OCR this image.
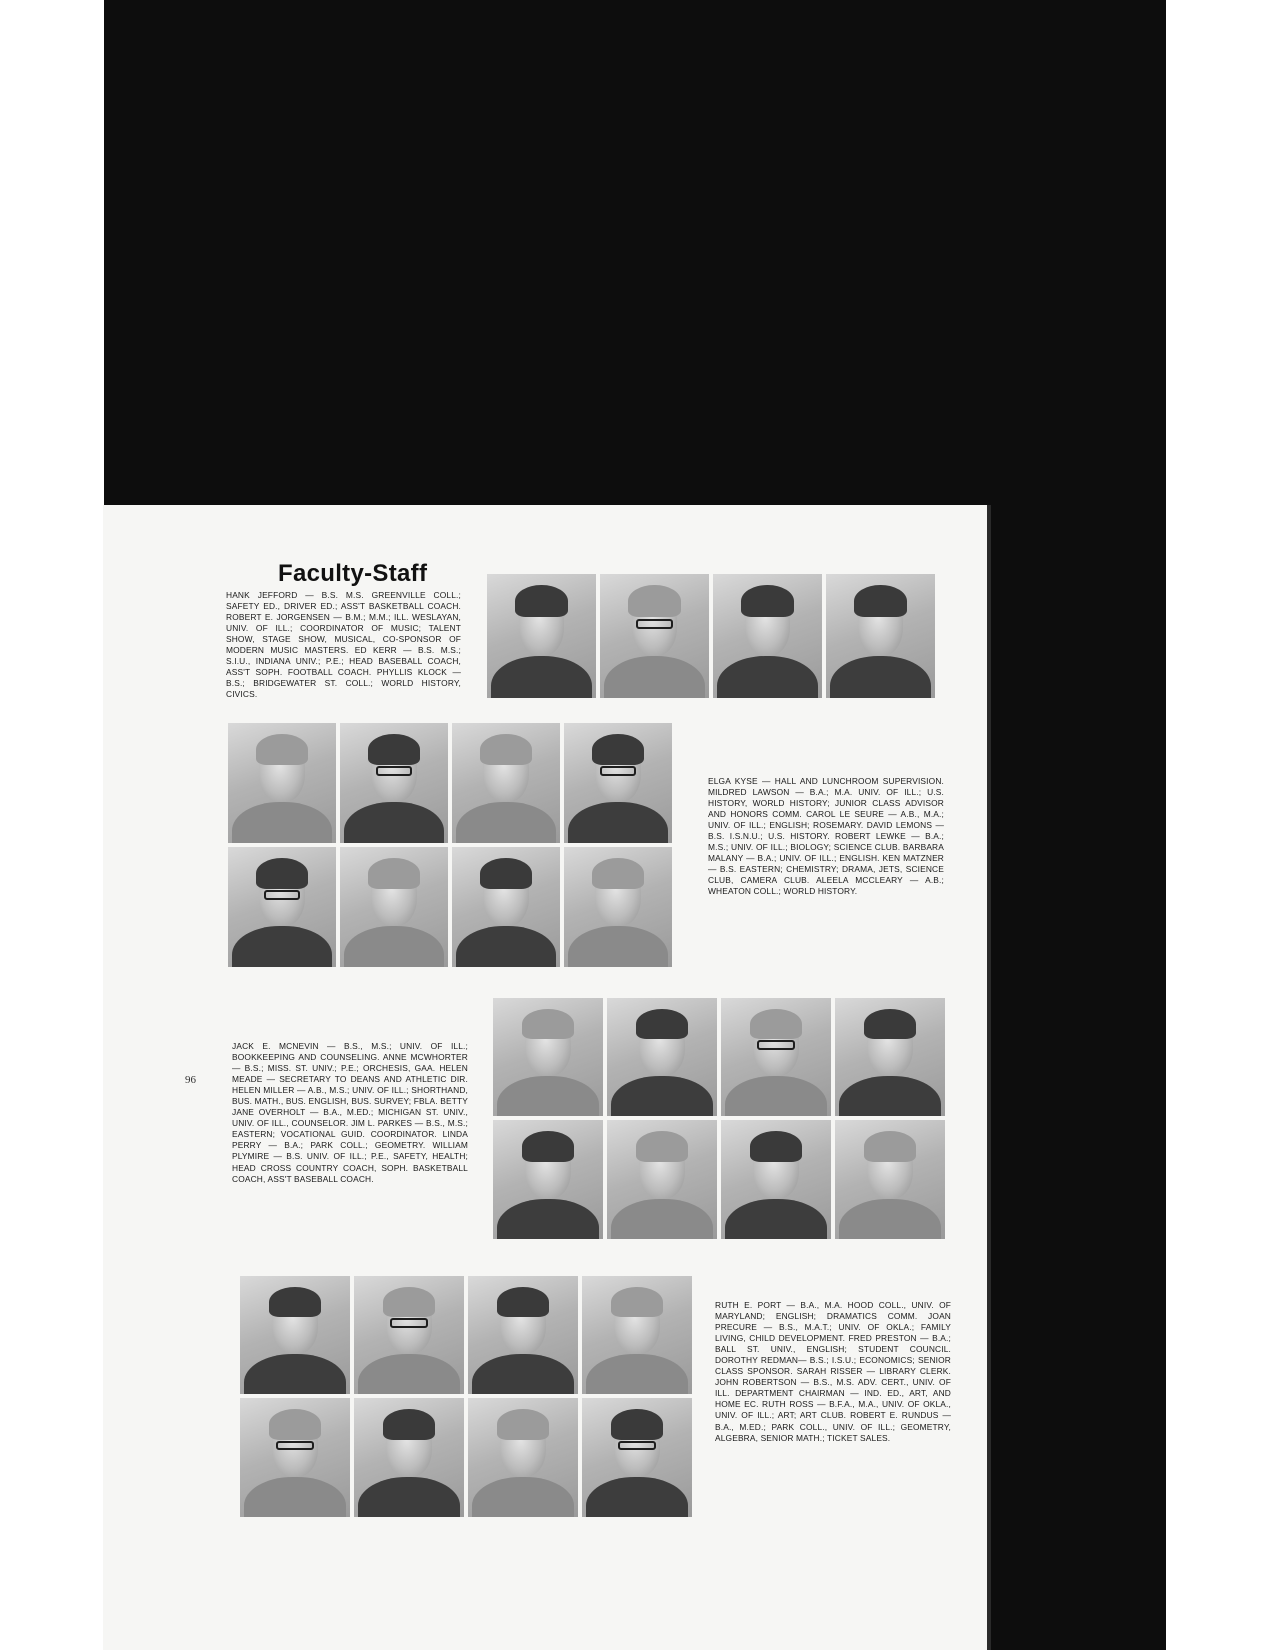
Faculty-Staff

HANK JEFFORD — B.S. M.S. GREENVILLE COLL.; SAFETY ED., DRIVER ED.; ASS'T BASKETBALL COACH. ROBERT E. JORGENSEN — B.M.; M.M.; ILL. WESLAYAN, UNIV. OF ILL.; COORDINATOR OF MUSIC; TALENT SHOW, STAGE SHOW, MUSICAL, CO-SPONSOR OF MODERN MUSIC MASTERS. ED KERR — B.S. M.S.; S.I.U., INDIANA UNIV.; P.E.; HEAD BASEBALL COACH, ASS'T SOPH. FOOTBALL COACH. PHYLLIS KLOCK — B.S.; BRIDGEWATER ST. COLL.; WORLD HISTORY, CIVICS.

ELGA KYSE — HALL AND LUNCHROOM SUPERVISION. MILDRED LAWSON — B.A.; M.A. UNIV. OF ILL.; U.S. HISTORY, WORLD HISTORY; JUNIOR CLASS ADVISOR AND HONORS COMM. CAROL LE SEURE — A.B., M.A.; UNIV. OF ILL.; ENGLISH; ROSEMARY. DAVID LEMONS — B.S. I.S.N.U.; U.S. HISTORY. ROBERT LEWKE — B.A.; M.S.; UNIV. OF ILL.; BIOLOGY; SCIENCE CLUB. BARBARA MALANY — B.A.; UNIV. OF ILL.; ENGLISH. KEN MATZNER — B.S. EASTERN; CHEMISTRY; DRAMA, JETS, SCIENCE CLUB, CAMERA CLUB. ALEELA MCCLEARY — A.B.; WHEATON COLL.; WORLD HISTORY.

JACK E. MCNEVIN — B.S., M.S.; UNIV. OF ILL.; BOOKKEEPING AND COUNSELING. ANNE MCWHORTER — B.S.; MISS. ST. UNIV.; P.E.; ORCHESIS, GAA. HELEN MEADE — SECRETARY TO DEANS AND ATHLETIC DIR. HELEN MILLER — A.B., M.S.; UNIV. OF ILL.; SHORTHAND, BUS. MATH., BUS. ENGLISH, BUS. SURVEY; FBLA. BETTY JANE OVERHOLT — B.A., M.ED.; MICHIGAN ST. UNIV., UNIV. OF ILL., COUNSELOR. JIM L. PARKES — B.S., M.S.; EASTERN; VOCATIONAL GUID. COORDINATOR. LINDA PERRY — B.A.; PARK COLL.; GEOMETRY. WILLIAM PLYMIRE — B.S. UNIV. OF ILL.; P.E., SAFETY, HEALTH; HEAD CROSS COUNTRY COACH, SOPH. BASKETBALL COACH, ASS'T BASEBALL COACH.

96

RUTH E. PORT — B.A., M.A. HOOD COLL., UNIV. OF MARYLAND; ENGLISH; DRAMATICS COMM. JOAN PRECURE — B.S., M.A.T.; UNIV. OF OKLA.; FAMILY LIVING, CHILD DEVELOPMENT. FRED PRESTON — B.A.; BALL ST. UNIV., ENGLISH; STUDENT COUNCIL. DOROTHY REDMAN— B.S.; I.S.U.; ECONOMICS; SENIOR CLASS SPONSOR. SARAH RISSER — LIBRARY CLERK. JOHN ROBERTSON — B.S., M.S. ADV. CERT., UNIV. OF ILL. DEPARTMENT CHAIRMAN — IND. ED., ART, AND HOME EC. RUTH ROSS — B.F.A., M.A., UNIV. OF OKLA., UNIV. OF ILL.; ART; ART CLUB. ROBERT E. RUNDUS — B.A., M.ED.; PARK COLL., UNIV. OF ILL.; GEOMETRY, ALGEBRA, SENIOR MATH.; TICKET SALES.
